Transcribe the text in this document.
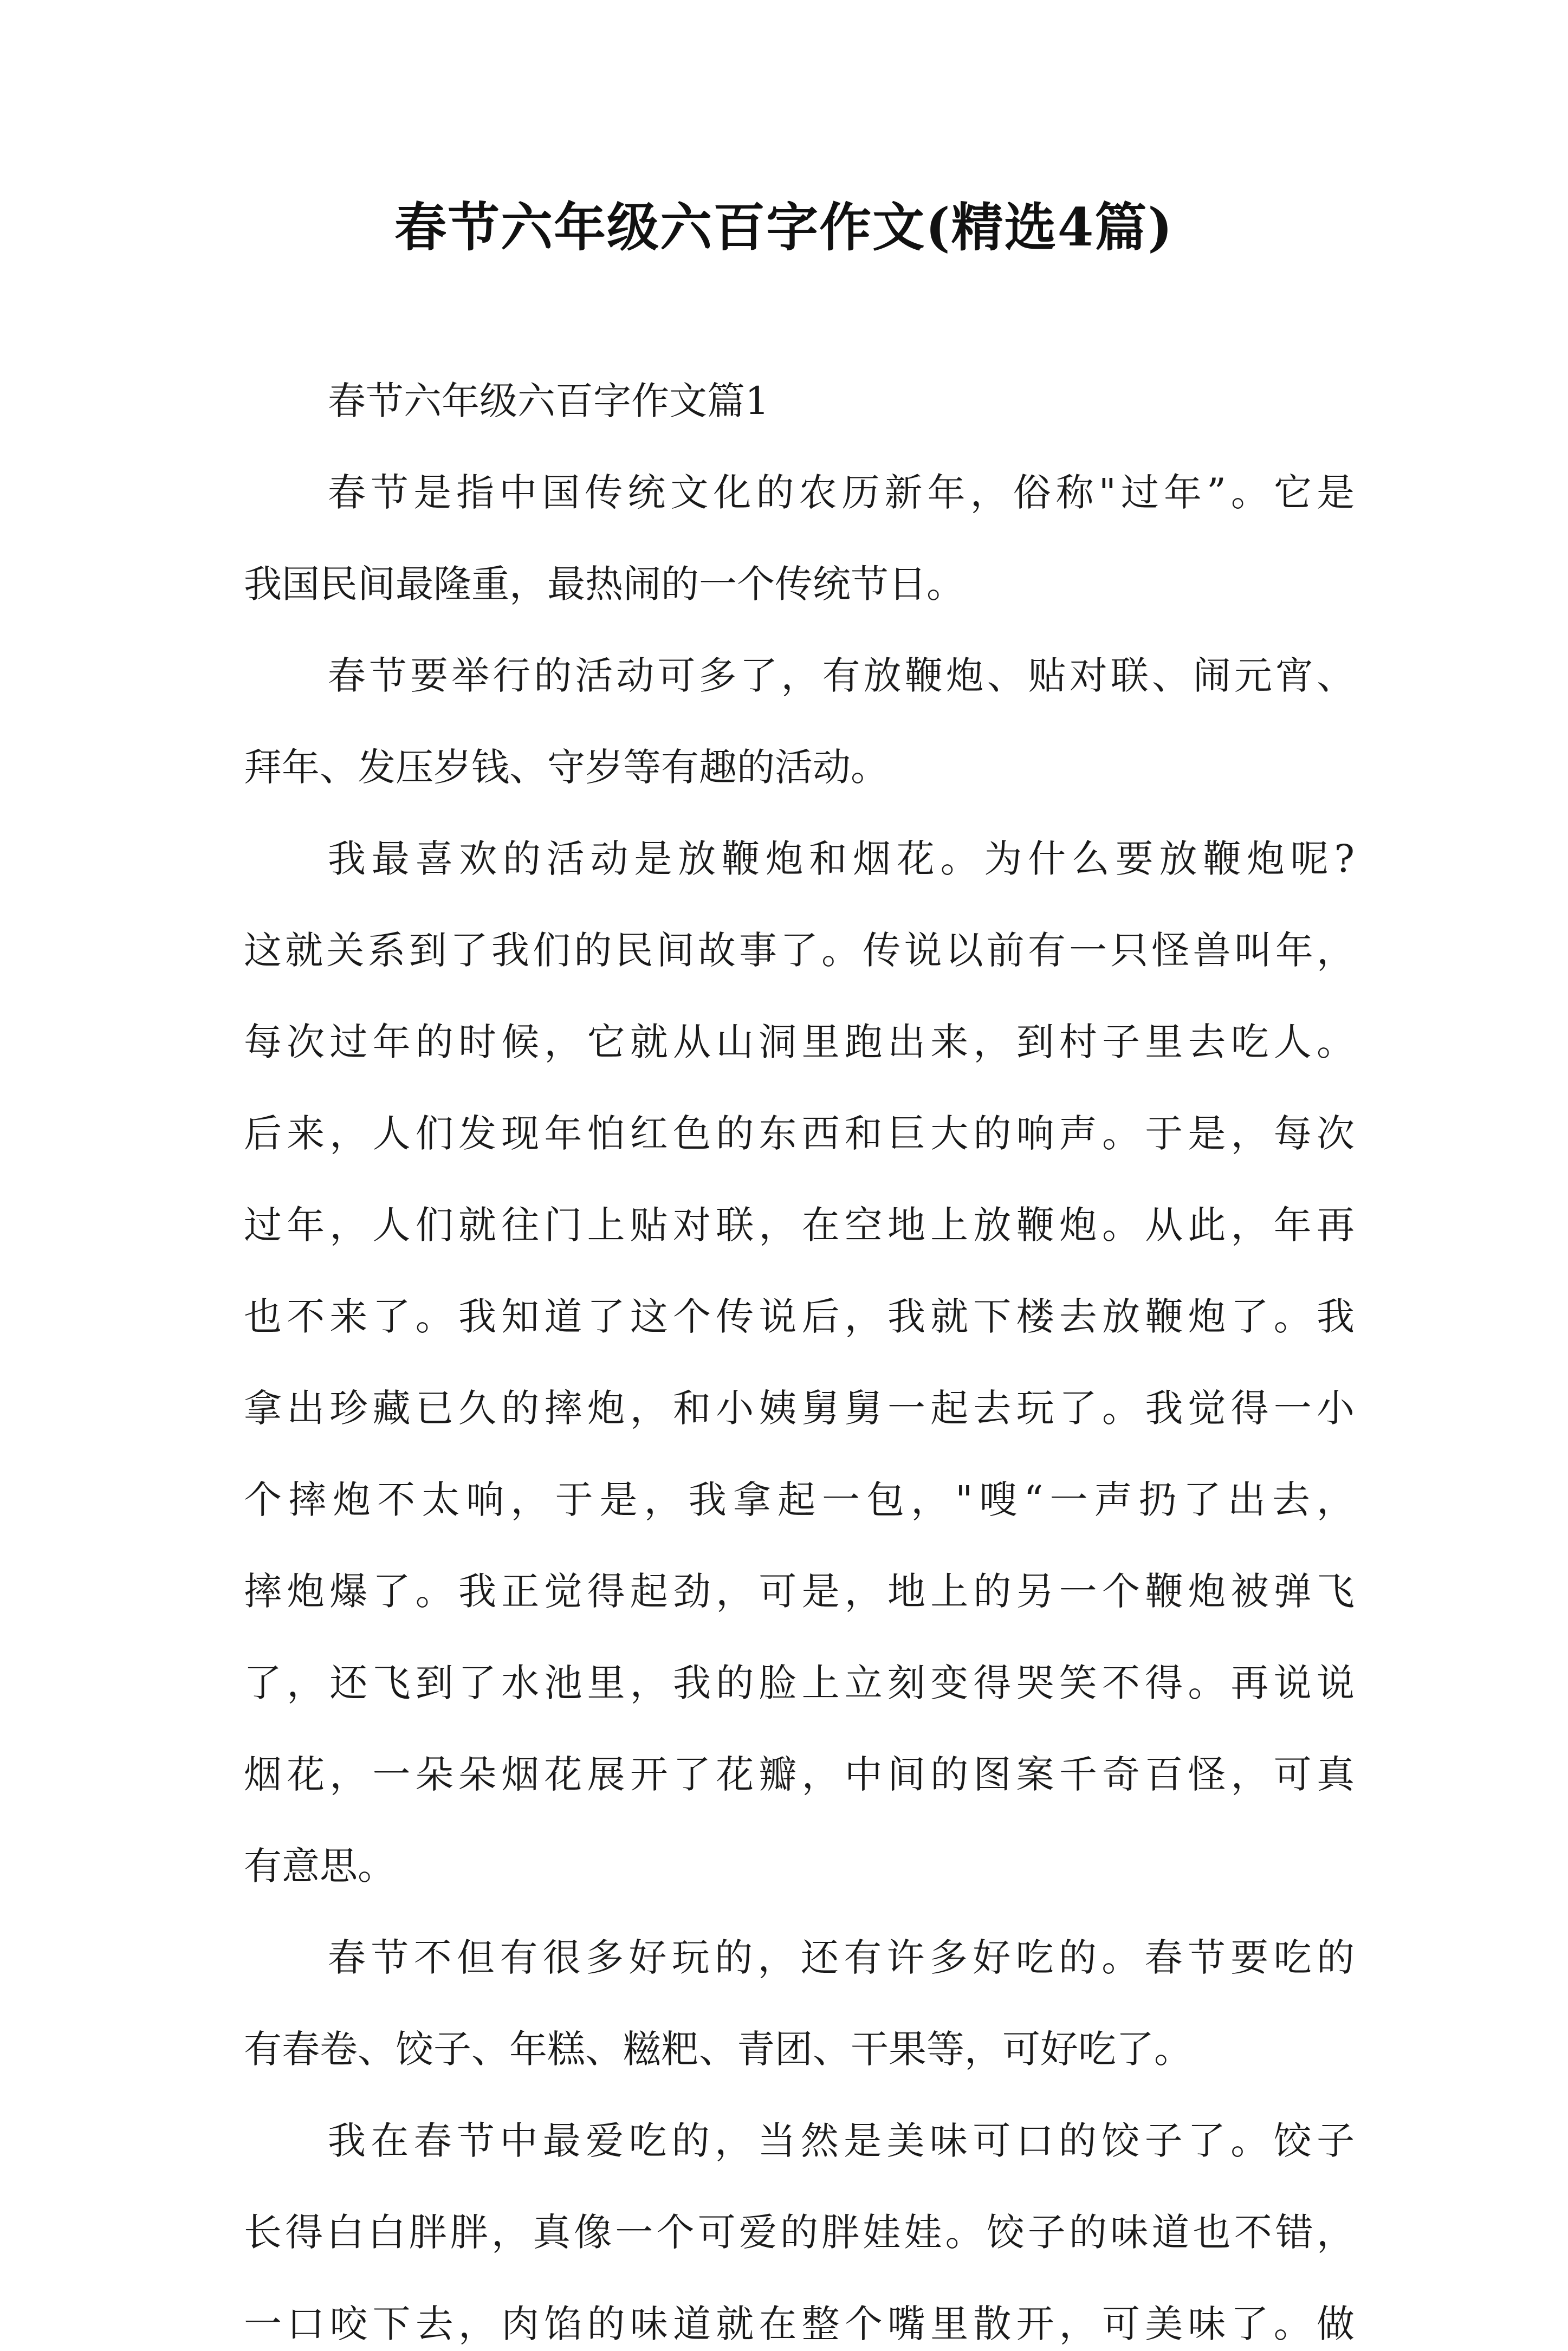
春节六年级六百字作文(精选4篇)
春节六年级六百字作文篇1
春节是指中国传统文化的农历新年，俗称"过年”。它是
我国民间最隆重，最热闹的一个传统节日。
春节要举行的活动可多了，有放鞭炮、贴对联、闹元宵、
拜年、发压岁钱、守岁等有趣的活动。
我最喜欢的活动是放鞭炮和烟花。为什么要放鞭炮呢?
这就关系到了我们的民间故事了。传说以前有一只怪兽叫年，
每次过年的时候，它就从山洞里跑出来，到村子里去吃人。
后来，人们发现年怕红色的东西和巨大的响声。于是，每次
过年，人们就往门上贴对联，在空地上放鞭炮。从此，年再
也不来了。我知道了这个传说后，我就下楼去放鞭炮了。我
拿出珍藏已久的摔炮，和小姨舅舅一起去玩了。我觉得一小
个摔炮不太响，于是，我拿起一包，"嗖“一声扔了出去，
摔炮爆了。我正觉得起劲，可是，地上的另一个鞭炮被弹飞
了，还飞到了水池里，我的脸上立刻变得哭笑不得。再说说
烟花，一朵朵烟花展开了花瓣，中间的图案千奇百怪，可真
有意思。
春节不但有很多好玩的，还有许多好吃的。春节要吃的
有春卷、饺子、年糕、糍粑、青团、干果等，可好吃了。
我在春节中最爱吃的，当然是美味可口的饺子了。饺子
长得白白胖胖，真像一个可爱的胖娃娃。饺子的味道也不错，
一口咬下去，肉馅的味道就在整个嘴里散开，可美味了。做
